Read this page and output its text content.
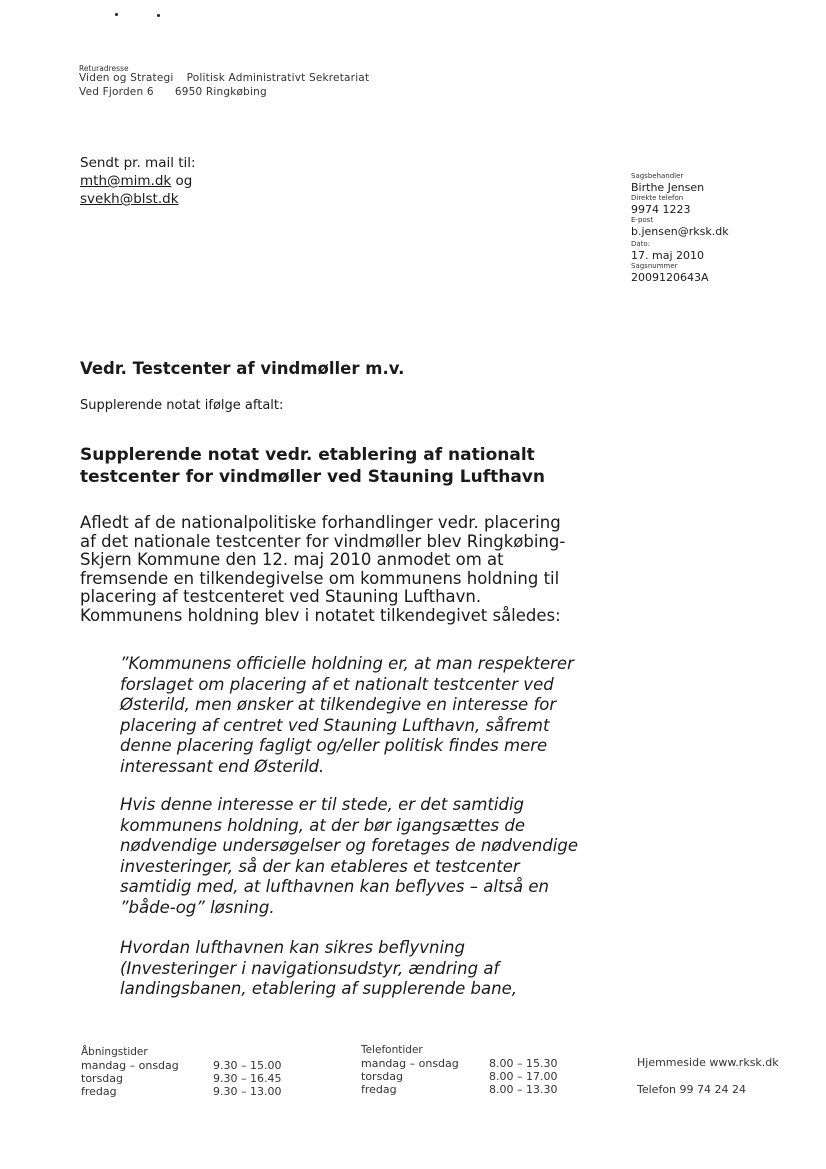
Returadresse
Viden og Strategi Politisk Administrativt Sekretariat
Ved Fjorden 6 6950 Ringkøbing
Sendt pr. mail til:
mth@mim.dk og
svekh@blst.dk
Sagsbehandler
Birthe Jensen
Direkte telefon
9974 1223
E-post
b.jensen@rksk.dk
Dato:
17. maj 2010
Sagsnummer
2009120643A
Vedr. Testcenter af vindmøller m.v.
Supplerende notat ifølge aftalt:
Supplerende notat vedr. etablering af nationalt
testcenter for vindmøller ved Stauning Lufthavn
Afledt af de nationalpolitiske forhandlinger vedr. placering
af det nationale testcenter for vindmøller blev Ringkøbing-
Skjern Kommune den 12. maj 2010 anmodet om at
fremsende en tilkendegivelse om kommunens holdning til
placering af testcenteret ved Stauning Lufthavn.
Kommunens holdning blev i notatet tilkendegivet således:
”Kommunens officielle holdning er, at man respekterer
forslaget om placering af et nationalt testcenter ved
Østerild, men ønsker at tilkendegive en interesse for
placering af centret ved Stauning Lufthavn, såfremt
denne placering fagligt og/eller politisk findes mere
interessant end Østerild.
Hvis denne interesse er til stede, er det samtidig
kommunens holdning, at der bør igangsættes de
nødvendige undersøgelser og foretages de nødvendige
investeringer, så der kan etableres et testcenter
samtidig med, at lufthavnen kan beflyves – altså en
”både-og” løsning.
Hvordan lufthavnen kan sikres beflyvning
(Investeringer i navigationsudstyr, ændring af
landingsbanen, etablering af supplerende bane,
Åbningstider
mandag – onsdag	9.30 – 15.00
torsdag	9.30 – 16.45
fredag	9.30 – 13.00
Telefontider
mandag – onsdag	8.00 – 15.30
torsdag	8.00 – 17.00
fredag	8.00 – 13.30
Hjemmeside www.rksk.dk
Telefon 99 74 24 24
